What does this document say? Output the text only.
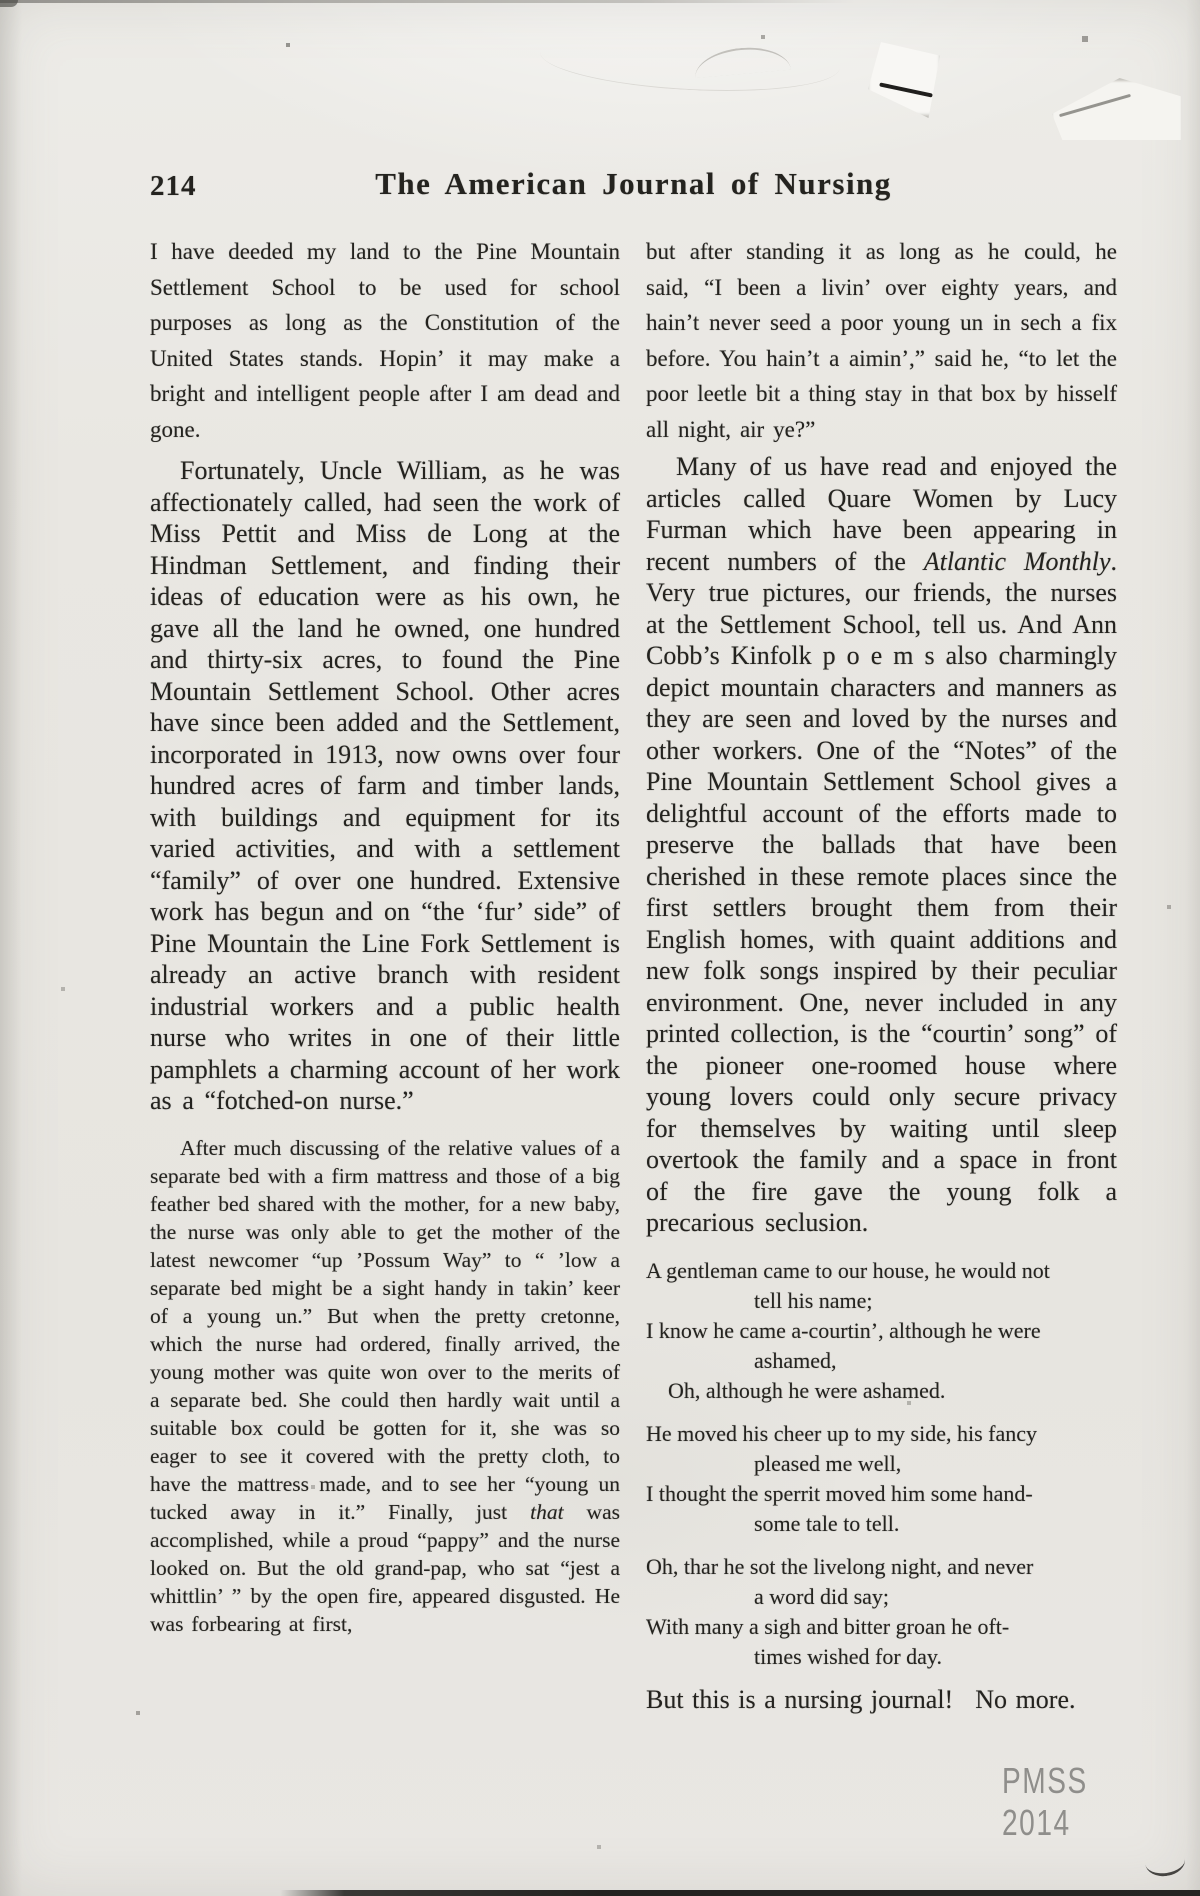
214	The American Journal of Nursing

I have deeded my land to the Pine Mountain Settlement School to be used for school purposes as long as the Constitution of the United States stands. Hopin’ it may make a bright and intelligent people after I am dead and gone.

Fortunately, Uncle William, as he was affectionately called, had seen the work of Miss Pettit and Miss de Long at the Hindman Settlement, and finding their ideas of education were as his own, he gave all the land he owned, one hundred and thirty-six acres, to found the Pine Mountain Settlement School. Other acres have since been added and the Settlement, incorporated in 1913, now owns over four hundred acres of farm and timber lands, with buildings and equipment for its varied activities, and with a settlement “family” of over one hundred. Extensive work has begun and on “the ‘fur’ side” of Pine Mountain the Line Fork Settlement is already an active branch with resident industrial workers and a public health nurse who writes in one of their little pamphlets a charming account of her work as a “fotched-on nurse.”

After much discussing of the relative values of a separate bed with a firm mattress and those of a big feather bed shared with the mother, for a new baby, the nurse was only able to get the mother of the latest newcomer “up ’Possum Way” to “ ’low a separate bed might be a sight handy in takin’ keer of a young un.” But when the pretty cretonne, which the nurse had ordered, finally arrived, the young mother was quite won over to the merits of a separate bed. She could then hardly wait until a suitable box could be gotten for it, she was so eager to see it covered with the pretty cloth, to have the mattress made, and to see her “young un tucked away in it.” Finally, just that was accomplished, while a proud “pappy” and the nurse looked on. But the old grand-pap, who sat “jest a whittlin’ ” by the open fire, appeared disgusted. He was forbearing at first,

but after standing it as long as he could, he said, “I been a livin’ over eighty years, and hain’t never seed a poor young un in sech a fix before. You hain’t a aimin’,” said he, “to let the poor leetle bit a thing stay in that box by hisself all night, air ye?”

Many of us have read and enjoyed the articles called Quare Women by Lucy Furman which have been appearing in recent numbers of the Atlantic Monthly. Very true pictures, our friends, the nurses at the Settlement School, tell us. And Ann Cobb’s Kinfolk p o e m s also charmingly depict mountain characters and manners as they are seen and loved by the nurses and other workers. One of the “Notes” of the Pine Mountain Settlement School gives a delightful account of the efforts made to preserve the ballads that have been cherished in these remote places since the first settlers brought them from their English homes, with quaint additions and new folk songs inspired by their peculiar environment. One, never included in any printed collection, is the “courtin’ song” of the pioneer one-roomed house where young lovers could only secure privacy for themselves by waiting until sleep overtook the family and a space in front of the fire gave the young folk a precarious seclusion.

A gentleman came to our house, he would not
tell his name;
I know he came a-courtin’, although he were
ashamed,
Oh, although he were ashamed.
He moved his cheer up to my side, his fancy
pleased me well,
I thought the sperrit moved him some hand-
some tale to tell.
Oh, thar he sot the livelong night, and never
a word did say;
With many a sigh and bitter groan he oft-
times wished for day.
But this is a nursing journal! No more.
PMSS 2014
